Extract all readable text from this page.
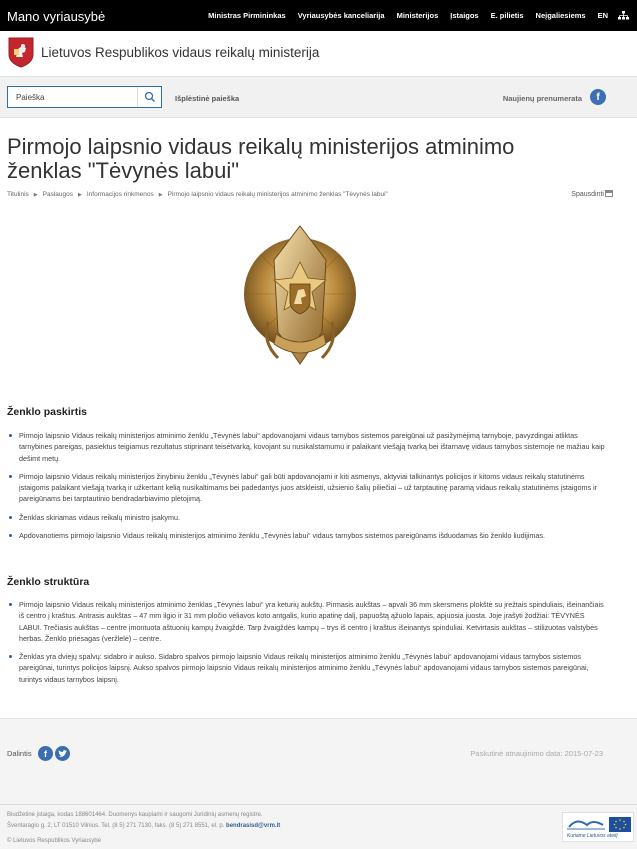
Mano vyriausybė	Ministras Pirmininkas Vyriausybės kanceliarija Ministerijos Įstaigos E. pilietis Neįgaliesiems EN
Lietuvos Respublikos vidaus reikalų ministerija
Paieška
Išplėstinė paieška	Naujienų prenumerata	f
Pirmojo laipsnio vidaus reikalų ministerijos atminimo ženklas "Tėvynės labui"
Titulinis ▶ Paslaugos ▶ Informacijos rinkmenos ▶ Pirmojo laipsnio vidaus reikalų ministerijos atminimo ženklas "Tėvynės labui"	Spausdinti
Ženklo paskirtis
Pirmojo laipsnio Vidaus reikalų ministerijos atminimo ženklu „Tėvynės labui“ apdovanojami vidaus tarnybos sistemos pareigūnai už pasižymėjimą tarnyboje, pavyzdingai atliktas tarnybines pareigas, pasiektus teigiamus rezultatus stiprinant teisėtvarką, kovojant su nusikalstamumu ir palaikant viešąją tvarką bei ištarnavę vidaus tarnybos sistemoje ne mažiau kaip dešimt metų.
Pirmojo laipsnio Vidaus reikalų ministerijos žinybiniu ženklu „Tėvynės labui“ gali būti apdovanojami ir kiti asmenys, aktyviai talkinantys policijos ir kitoms vidaus reikalų statutinėms įstaigoms palaikant viešąją tvarką ir užkertant kelią nusikaltimams bei padedantys juos atskleisti, užsienio šalių piliečiai – už tarptautinę paramą vidaus reikalų statutinėms įstaigoms ir pareigūnams bei tarptautinio bendradarbiavimo plėtojimą.
Ženklas skiriamas vidaus reikalų ministro įsakymu.
Apdovanotiems pirmojo laipsnio Vidaus reikalų ministerijos atminimo ženklu „Tėvynės labui“ vidaus tarnybos sistemos pareigūnams išduodamas šio ženklo liudijimas.
Ženklo struktūra
Pirmojo laipsnio Vidaus reikalų ministerijos atminimo ženklas „Tėvynės labui“ yra keturių aukštų. Pirmasis aukštas – apvali 36 mm skersmens plokštė su įrežtais spinduliais, išeinančiais iš centro į kraštus. Antrasis aukštas – 47 mm ilgio ir 31 mm pločio vėliavos koto antgalis, kurio apatinę dalį, papuoštą ąžuolo lapais, apjuosia juosta. Joje įrašyti žodžiai: TĖVYNĖS LABUI. Trečiasis aukštas – centre įmontuota aštuonių kampų žvaigždė. Tarp žvaigždės kampų – trys iš centro į kraštus išeinantys spinduliai. Ketvirtasis aukštas – stilizuotas valstybės herbas. Ženklo priesagas (veržlelė) – centre.
Ženklas yra dviejų spalvų: sidabro ir aukso. Sidabro spalvos pirmojo laipsnio Vidaus reikalų ministerijos atminimo ženklu „Tėvynės labui“ apdovanojami vidaus tarnybos sistemos pareigūnai, turintys policijos laipsnį. Aukso spalvos pirmojo laipsnio Vidaus reikalų ministerijos atminimo ženklu „Tėvynės labui“ apdovanojami vidaus tarnybos sistemos pareigūnai, turintys vidaus tarnybos laipsnį.
Dalintis	f	Paskutinė atnaujinimo data: 2015-07-23
Biudžetinė įstaiga, kodas 188601464. Duomenys kaupiami ir saugomi Juridinių asmenų registre.
Šventaragio g. 2, LT 01510 Vilnius. Tel. (8 5) 271 7130, faks. (8 5) 271 8551, el. p. bendrasisd@vrm.lt
© Lietuvos Respublikos Vyriausybė
Kuriame Lietuvos ateitį
